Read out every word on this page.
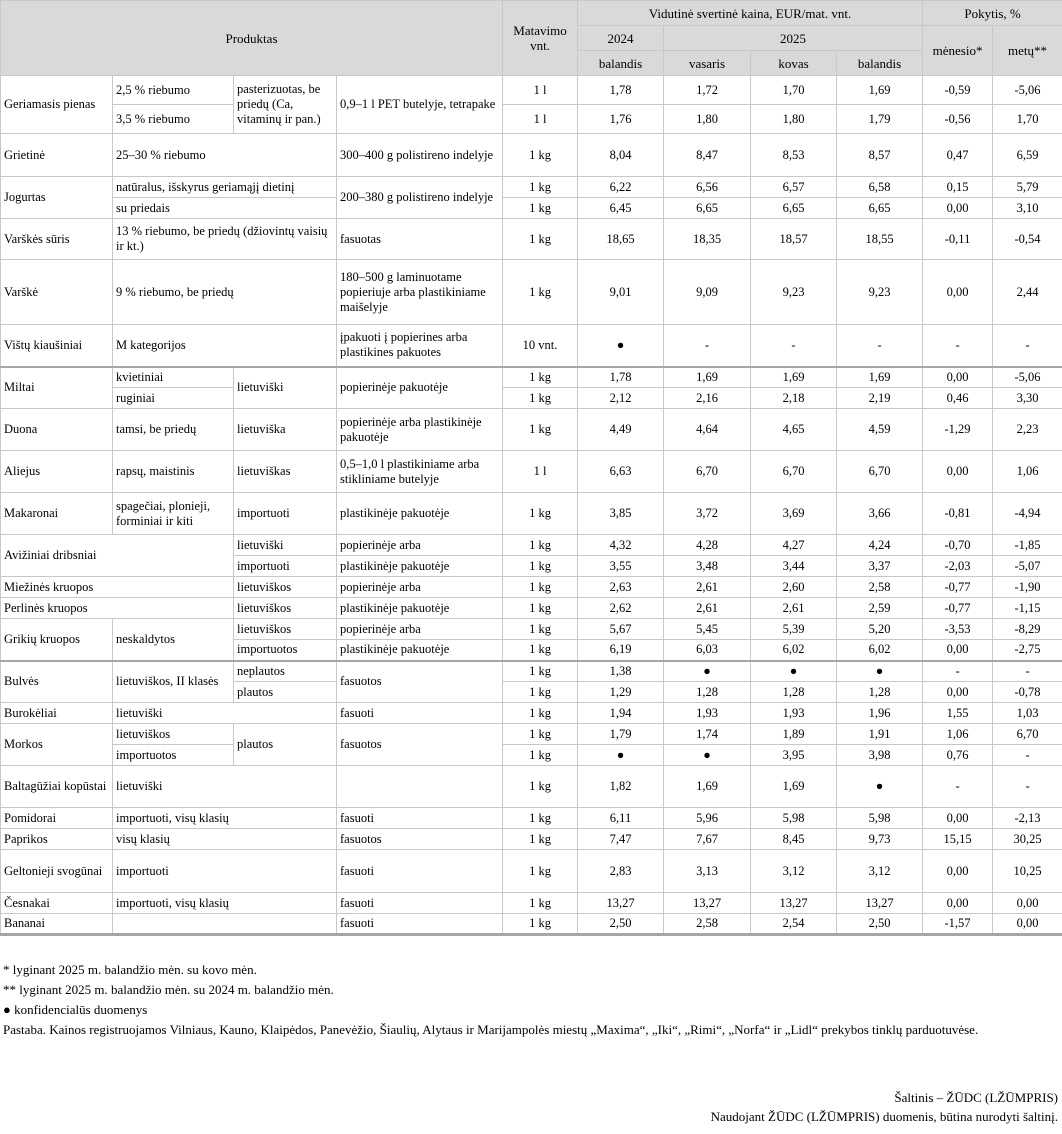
Produktas				Matavimo vnt.	Vidutinė svertinė kaina, EUR/mat. vnt.				Pokytis, %	
					2024	2025			mėnesio*	metų**
					balandis	vasaris	kovas	balandis		
Geriamasis pienas	2,5 % riebumo	pasterizuotas, be priedų (Ca, vitaminų ir pan.)	0,9–1 l PET butelyje, tetrapake	1 l	1,78	1,72	1,70	1,69	-0,59	-5,06
	3,5 % riebumo			1 l	1,76	1,80	1,80	1,79	-0,56	1,70
Grietinė	25–30 % riebumo		300–400 g polistireno indelyje	1 kg	8,04	8,47	8,53	8,57	0,47	6,59
Jogurtas	natūralus, išskyrus geriamąjį dietinį		200–380 g polistireno indelyje	1 kg	6,22	6,56	6,57	6,58	0,15	5,79
	su priedais			1 kg	6,45	6,65	6,65	6,65	0,00	3,10
Varškės sūris	13 % riebumo, be priedų (džiovintų vaisių ir kt.)		fasuotas	1 kg	18,65	18,35	18,57	18,55	-0,11	-0,54
Varškė	9 % riebumo, be priedų		180–500 g laminuotame popieriuje arba plastikiniame maišelyje	1 kg	9,01	9,09	9,23	9,23	0,00	2,44
Vištų kiaušiniai	M kategorijos		įpakuoti į popierines arba plastikines pakuotes	10 vnt.	●	-	-	-	-	-
Miltai	kvietiniai	lietuviški	popierinėje pakuotėje	1 kg	1,78	1,69	1,69	1,69	0,00	-5,06
	ruginiai			1 kg	2,12	2,16	2,18	2,19	0,46	3,30
Duona	tamsi, be priedų	lietuviška	popierinėje arba plastikinėje pakuotėje	1 kg	4,49	4,64	4,65	4,59	-1,29	2,23
Aliejus	rapsų, maistinis	lietuviškas	0,5–1,0 l plastikiniame arba stikliniame butelyje	1 l	6,63	6,70	6,70	6,70	0,00	1,06
Makaronai	spagečiai, plonieji, forminiai ir kiti	importuoti	plastikinėje pakuotėje	1 kg	3,85	3,72	3,69	3,66	-0,81	-4,94
Avižiniai dribsniai		lietuviški	popierinėje arba	1 kg	4,32	4,28	4,27	4,24	-0,70	-1,85
		importuoti	plastikinėje pakuotėje	1 kg	3,55	3,48	3,44	3,37	-2,03	-5,07
Miežinės kruopos		lietuviškos	popierinėje arba	1 kg	2,63	2,61	2,60	2,58	-0,77	-1,90
Perlinės kruopos		lietuviškos	plastikinėje pakuotėje	1 kg	2,62	2,61	2,61	2,59	-0,77	-1,15
Grikių kruopos	neskaldytos	lietuviškos	popierinėje arba	1 kg	5,67	5,45	5,39	5,20	-3,53	-8,29
		importuotos	plastikinėje pakuotėje	1 kg	6,19	6,03	6,02	6,02	0,00	-2,75
Bulvės	lietuviškos, II klasės	neplautos	fasuotos	1 kg	1,38	●	●	●	-	-
		plautos		1 kg	1,29	1,28	1,28	1,28	0,00	-0,78
Burokėliai	lietuviški		fasuoti	1 kg	1,94	1,93	1,93	1,96	1,55	1,03
Morkos	lietuviškos	plautos	fasuotos	1 kg	1,79	1,74	1,89	1,91	1,06	6,70
	importuotos			1 kg	●	●	3,95	3,98	0,76	-
Baltagūžiai kopūstai	lietuviški			1 kg	1,82	1,69	1,69	●	-	-
Pomidorai	importuoti, visų klasių		fasuoti	1 kg	6,11	5,96	5,98	5,98	0,00	-2,13
Paprikos	visų klasių		fasuotos	1 kg	7,47	7,67	8,45	9,73	15,15	30,25
Geltonieji svogūnai	importuoti		fasuoti	1 kg	2,83	3,13	3,12	3,12	0,00	10,25
Česnakai	importuoti, visų klasių		fasuoti	1 kg	13,27	13,27	13,27	13,27	0,00	0,00
Bananai			fasuoti	1 kg	2,50	2,58	2,54	2,50	-1,57	0,00

* lyginant 2025 m. balandžio mėn. su kovo mėn.

** lyginant 2025 m. balandžio mėn. su 2024 m. balandžio mėn.

● konfidencialūs duomenys

Pastaba. Kainos registruojamos Vilniaus, Kauno, Klaipėdos, Panevėžio, Šiaulių, Alytaus ir Marijampolės miestų „Maxima“, „Iki“, „Rimi“, „Norfa“ ir „Lidl“ prekybos tinklų parduotuvėse.

Šaltinis – ŽŪDC (LŽŪMPRIS)
Naudojant ŽŪDC (LŽŪMPRIS) duomenis, būtina nurodyti šaltinį.
